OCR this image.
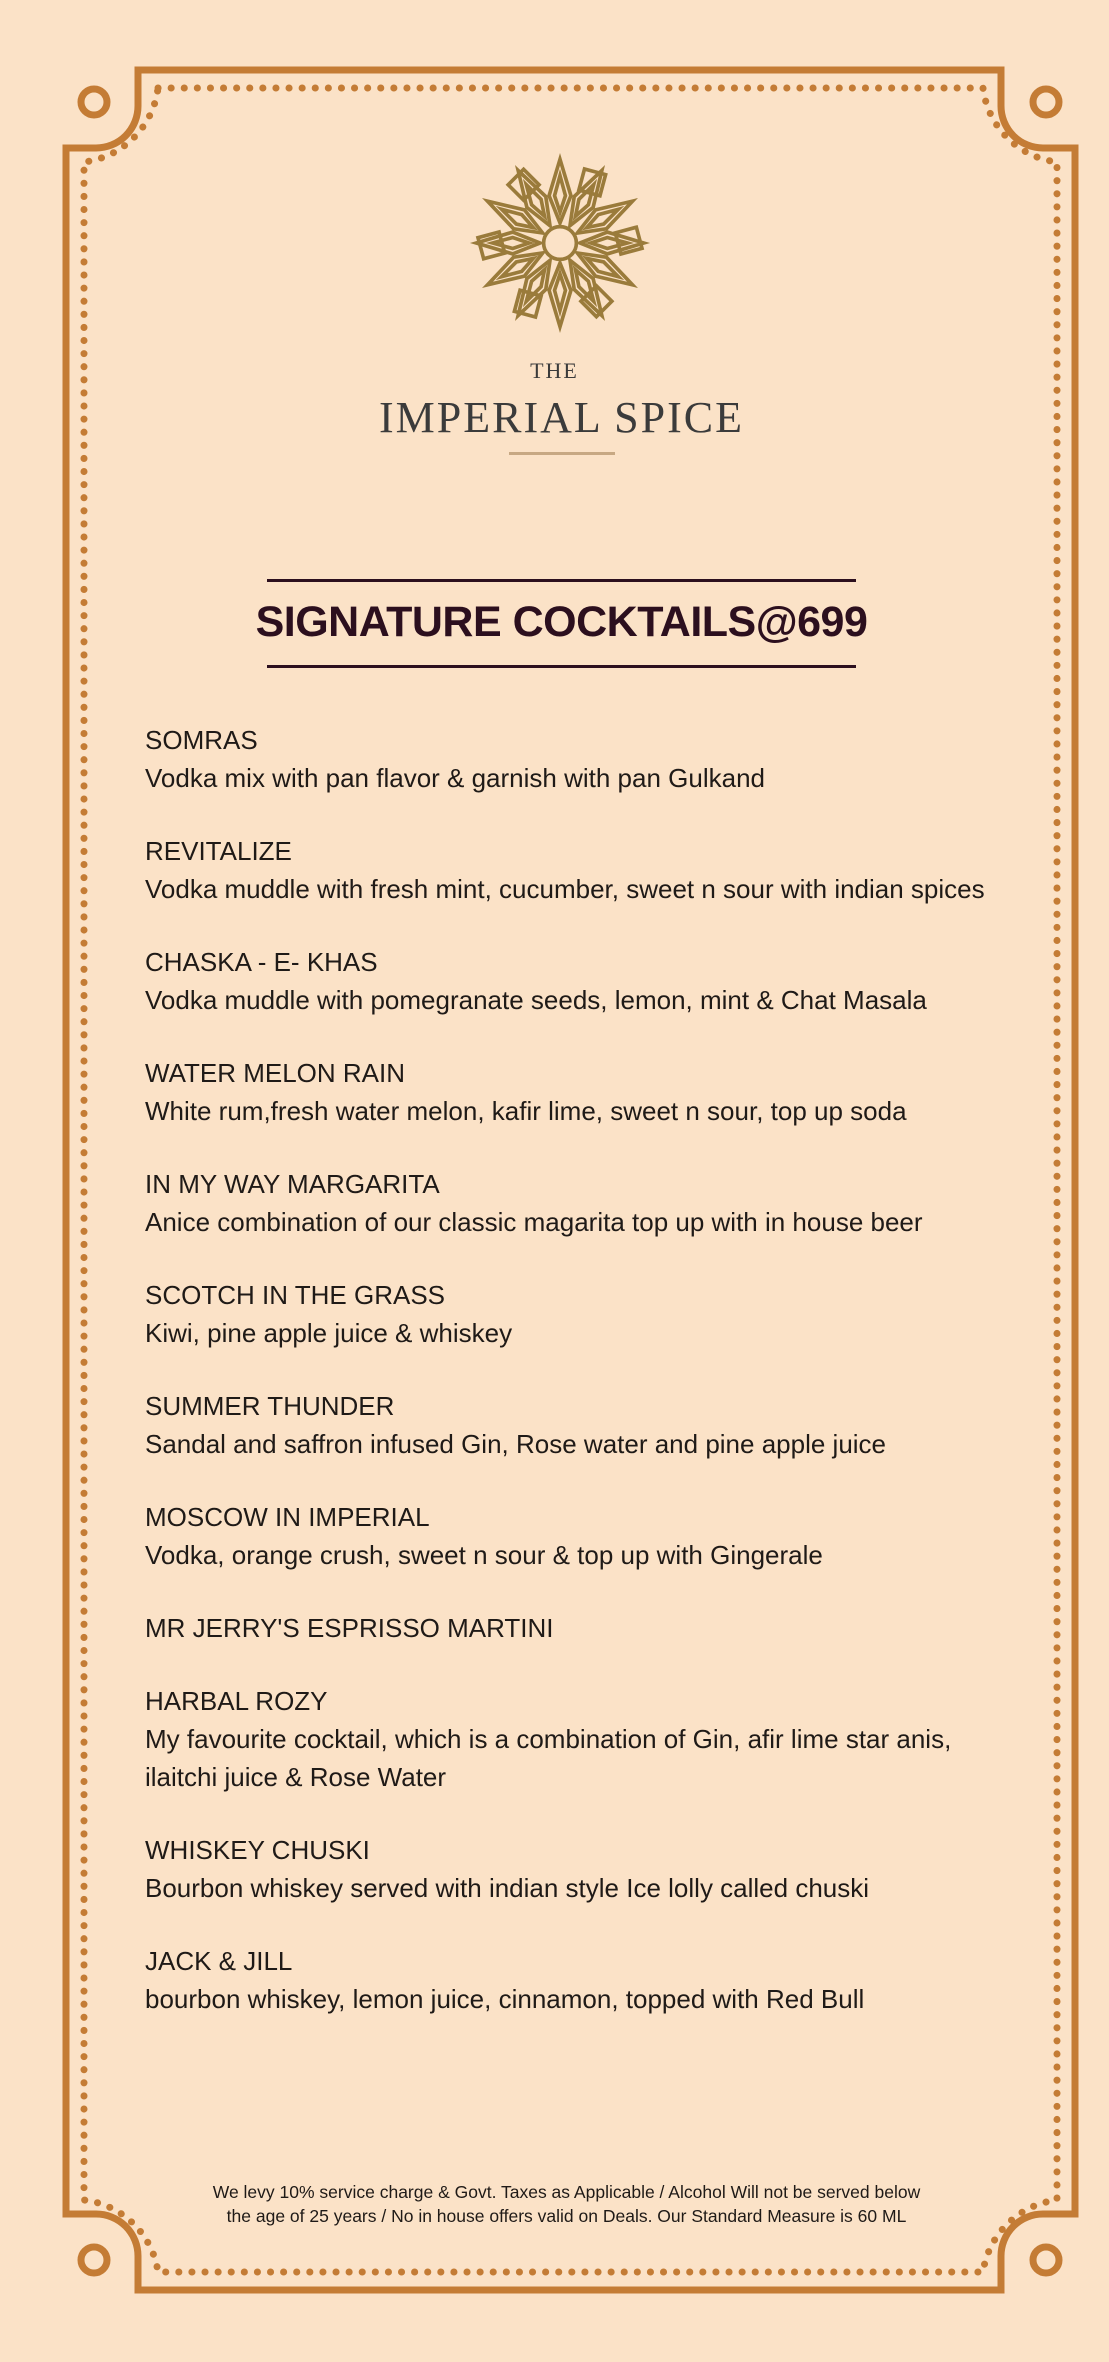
THE
IMPERIAL SPICE
SIGNATURE COCKTAILS@699
SOMRAS
Vodka mix with pan flavor & garnish with pan Gulkand
REVITALIZE
Vodka muddle with fresh mint, cucumber, sweet n sour with indian spices
CHASKA - E- KHAS
Vodka muddle with pomegranate seeds, lemon, mint & Chat Masala
WATER MELON RAIN
White rum,fresh water melon, kafir lime, sweet n sour, top up soda
IN MY WAY MARGARITA
Anice combination of our classic magarita top up with in house beer
SCOTCH IN THE GRASS
Kiwi, pine apple juice & whiskey
SUMMER THUNDER
Sandal and saffron infused Gin, Rose water and pine apple juice
MOSCOW IN IMPERIAL
Vodka, orange crush, sweet n sour & top up with Gingerale
MR JERRY'S ESPRISSO MARTINI
HARBAL ROZY
My favourite cocktail, which is a combination of Gin, afir lime star anis, ilaitchi juice & Rose Water
WHISKEY CHUSKI
Bourbon whiskey served with indian style Ice lolly called chuski
JACK & JILL
bourbon whiskey, lemon juice, cinnamon, topped with Red Bull
We levy 10% service charge & Govt. Taxes as Applicable / Alcohol Will not be served below
the age of 25 years / No in house offers valid on Deals. Our Standard Measure is 60 ML
